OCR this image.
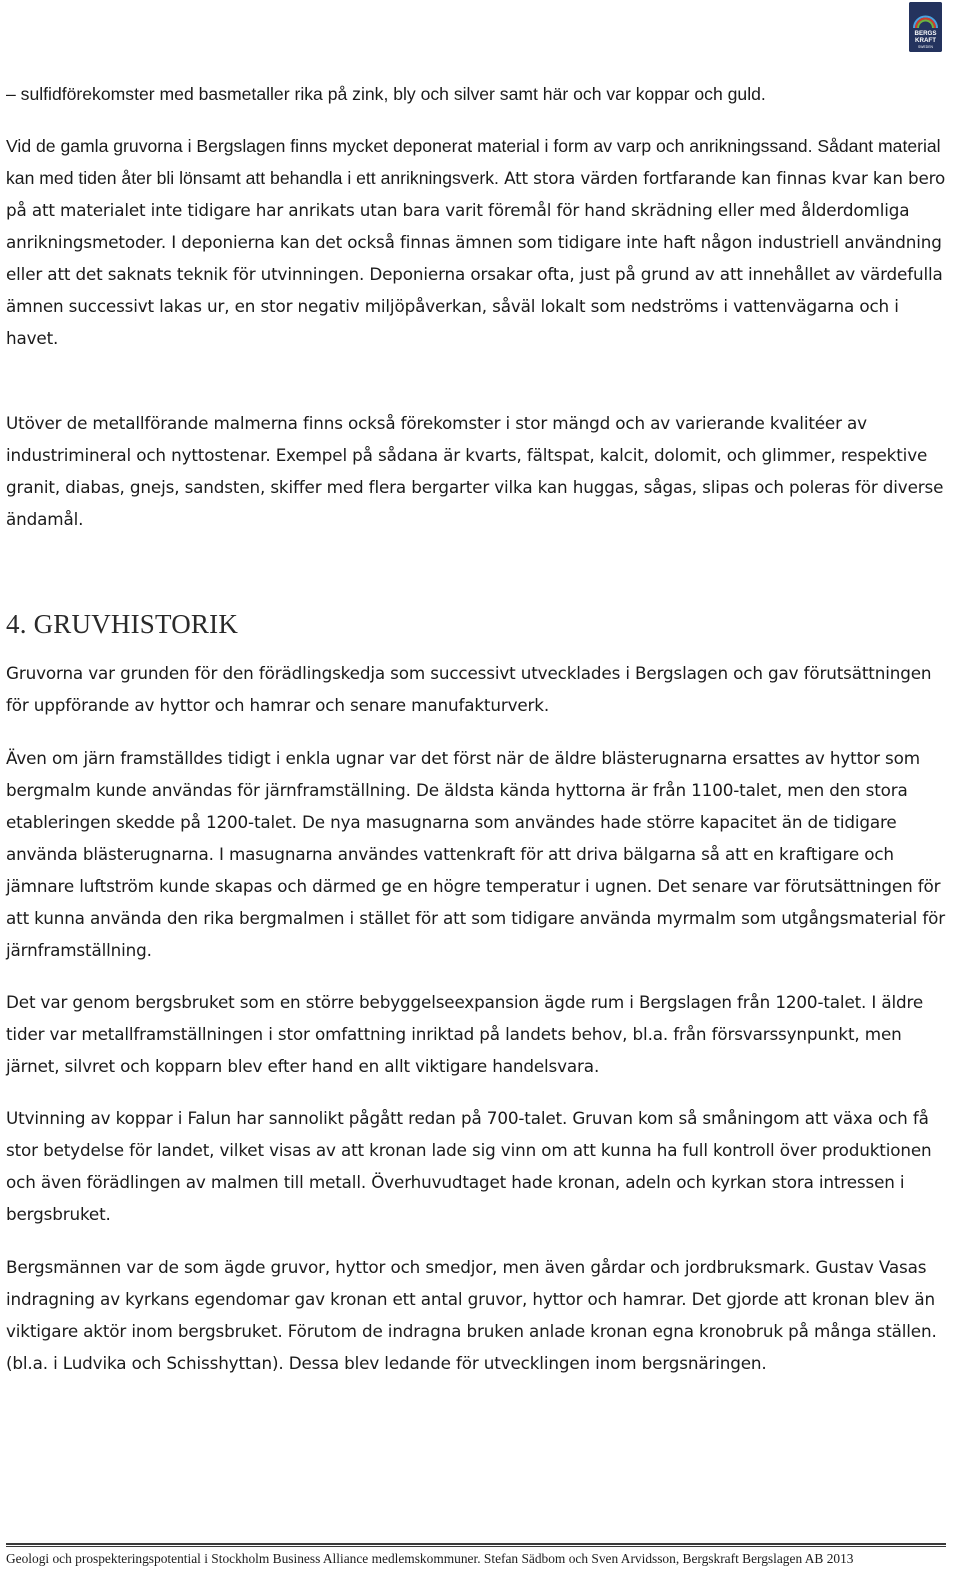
BERGS
KRAFT
SWEDEN

– sulfidförekomster med basmetaller rika på zink, bly och silver samt här och var koppar och guld.

Vid de gamla gruvorna i Bergslagen finns mycket deponerat material i form av varp och anrikningssand. Sådant material kan med tiden åter bli lönsamt att behandla i ett anrikningsverk. Att stora värden fortfarande kan finnas kvar kan bero på att materialet inte tidigare har anrikats utan bara varit föremål för hand skrädning eller med ålderdomliga anrikningsmetoder. I deponierna kan det också finnas ämnen som tidigare inte haft någon industriell användning eller att det saknats teknik för utvinningen. Deponierna orsakar ofta, just på grund av att innehållet av värdefulla ämnen successivt lakas ur, en stor negativ miljöpåverkan, såväl lokalt som nedströms i vattenvägarna och i havet.

Utöver de metallförande malmerna finns också förekomster i stor mängd och av varierande kvalitéer av industrimineral och nyttostenar. Exempel på sådana är kvarts, fältspat, kalcit, dolomit, och glimmer, respektive granit, diabas, gnejs, sandsten, skiffer med flera bergarter vilka kan huggas, sågas, slipas och poleras för diverse ändamål.

4. GRUVHISTORIK

Gruvorna var grunden för den förädlingskedja som successivt utvecklades i Bergslagen och gav förutsättningen för uppförande av hyttor och hamrar och senare manufakturverk.

Även om järn framställdes tidigt i enkla ugnar var det först när de äldre blästerugnarna ersattes av hyttor som bergmalm kunde användas för järnframställning. De äldsta kända hyttorna är från 1100-talet, men den stora etableringen skedde på 1200-talet. De nya masugnarna som användes hade större kapacitet än de tidigare använda blästerugnarna. I masugnarna användes vattenkraft för att driva bälgarna så att en kraftigare och jämnare luftström kunde skapas och därmed ge en högre temperatur i ugnen. Det senare var förutsättningen för att kunna använda den rika bergmalmen i stället för att som tidigare använda myrmalm som utgångsmaterial för järnframställning.

Det var genom bergsbruket som en större bebyggelseexpansion ägde rum i Bergslagen från 1200-talet. I äldre tider var metallframställningen i stor omfattning inriktad på landets behov, bl.a. från försvarssynpunkt, men järnet, silvret och kopparn blev efter hand en allt viktigare handelsvara.

Utvinning av koppar i Falun har sannolikt pågått redan på 700-talet. Gruvan kom så småningom att växa och få stor betydelse för landet, vilket visas av att kronan lade sig vinn om att kunna ha full kontroll över produktionen och även förädlingen av malmen till metall. Överhuvudtaget hade kronan, adeln och kyrkan stora intressen i bergsbruket.

Bergsmännen var de som ägde gruvor, hyttor och smedjor, men även gårdar och jordbruksmark. Gustav Vasas indragning av kyrkans egendomar gav kronan ett antal gruvor, hyttor och hamrar. Det gjorde att kronan blev än viktigare aktör inom bergsbruket. Förutom de indragna bruken anlade kronan egna kronobruk på många ställen. (bl.a. i Ludvika och Schisshyttan). Dessa blev ledande för utvecklingen inom bergsnäringen.

Geologi och prospekteringspotential i Stockholm Business Alliance medlemskommuner. Stefan Sädbom och Sven Arvidsson, Bergskraft Bergslagen AB 2013
